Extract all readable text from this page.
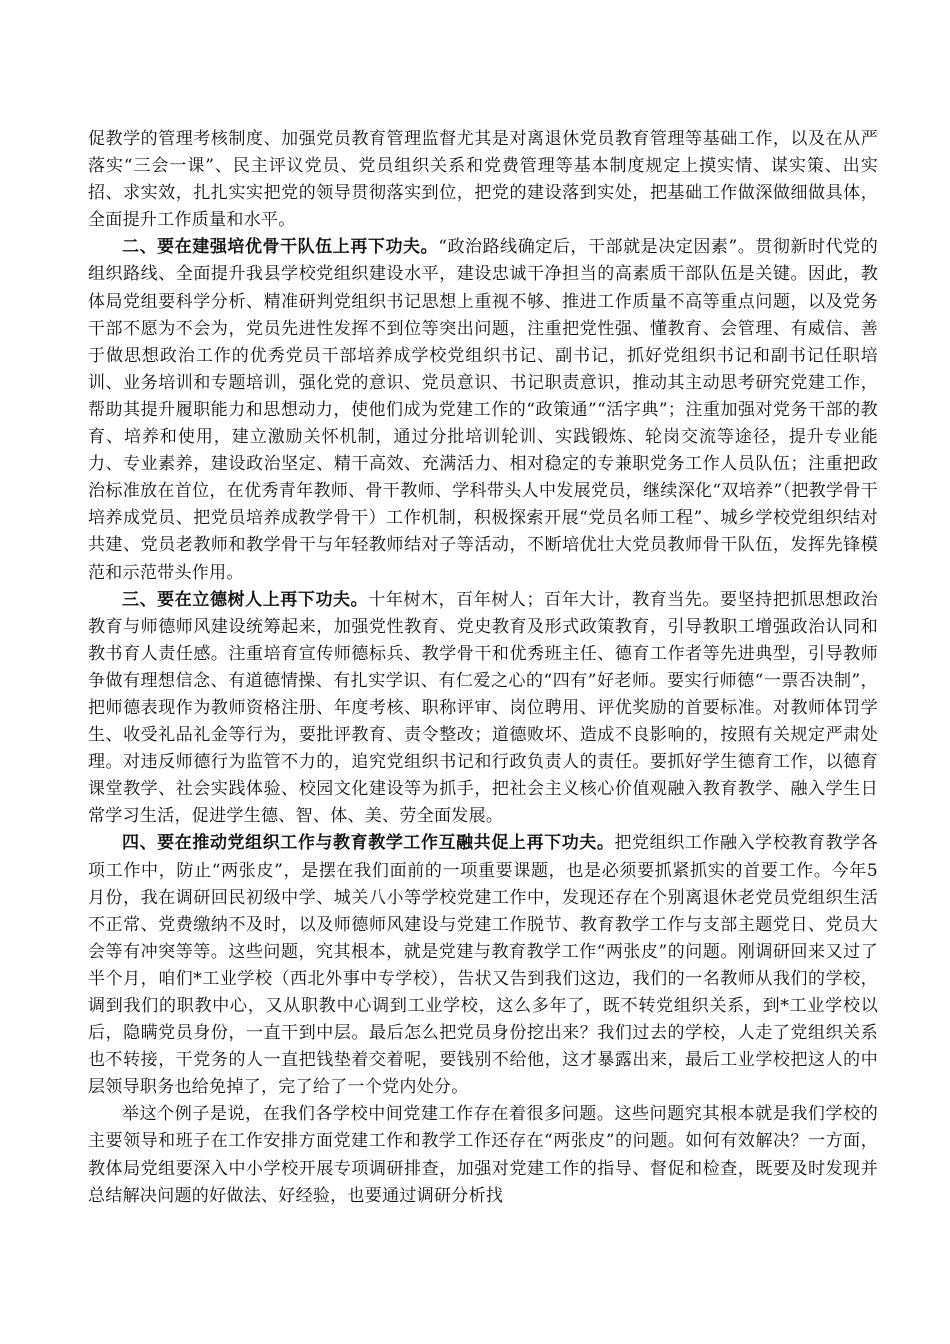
促教学的管理考核制度、加强党员教育管理监督尤其是对离退休党员教育管理等基础工作，以及在从严落实“三会一课”、民主评议党员、党员组织关系和党费管理等基本制度规定上摸实情、谋实策、出实招、求实效，扎扎实实把党的领导贯彻落实到位，把党的建设落到实处，把基础工作做深做细做具体，全面提升工作质量和水平。

二、要在建强培优骨干队伍上再下功夫。“政治路线确定后，干部就是决定因素”。贯彻新时代党的组织路线、全面提升我县学校党组织建设水平，建设忠诚干净担当的高素质干部队伍是关键。因此，教体局党组要科学分析、精准研判党组织书记思想上重视不够、推进工作质量不高等重点问题，以及党务干部不愿为不会为，党员先进性发挥不到位等突出问题，注重把党性强、懂教育、会管理、有威信、善于做思想政治工作的优秀党员干部培养成学校党组织书记、副书记，抓好党组织书记和副书记任职培训、业务培训和专题培训，强化党的意识、党员意识、书记职责意识，推动其主动思考研究党建工作，帮助其提升履职能力和思想动力，使他们成为党建工作的“政策通”“活字典”；注重加强对党务干部的教育、培养和使用，建立激励关怀机制，通过分批培训轮训、实践锻炼、轮岗交流等途径，提升专业能力、专业素养，建设政治坚定、精干高效、充满活力、相对稳定的专兼职党务工作人员队伍；注重把政治标准放在首位，在优秀青年教师、骨干教师、学科带头人中发展党员，继续深化“双培养”（把教学骨干培养成党员、把党员培养成教学骨干）工作机制，积极探索开展“党员名师工程”、城乡学校党组织结对共建、党员老教师和教学骨干与年轻教师结对子等活动，不断培优壮大党员教师骨干队伍，发挥先锋模范和示范带头作用。

三、要在立德树人上再下功夫。十年树木，百年树人；百年大计，教育当先。要坚持把抓思想政治教育与师德师风建设统筹起来，加强党性教育、党史教育及形式政策教育，引导教职工增强政治认同和教书育人责任感。注重培育宣传师德标兵、教学骨干和优秀班主任、德育工作者等先进典型，引导教师争做有理想信念、有道德情操、有扎实学识、有仁爱之心的“四有”好老师。要实行师德“一票否决制”，把师德表现作为教师资格注册、年度考核、职称评审、岗位聘用、评优奖励的首要标准。对教师体罚学生、收受礼品礼金等行为，要批评教育、责令整改；道德败坏、造成不良影响的，按照有关规定严肃处理。对违反师德行为监管不力的，追究党组织书记和行政负责人的责任。要抓好学生德育工作，以德育课堂教学、社会实践体验、校园文化建设等为抓手，把社会主义核心价值观融入教育教学、融入学生日常学习生活，促进学生德、智、体、美、劳全面发展。

四、要在推动党组织工作与教育教学工作互融共促上再下功夫。把党组织工作融入学校教育教学各项工作中，防止“两张皮”，是摆在我们面前的一项重要课题，也是必须要抓紧抓实的首要工作。今年5月份，我在调研回民初级中学、城关八小等学校党建工作中，发现还存在个别离退休老党员党组织生活不正常、党费缴纳不及时，以及师德师风建设与党建工作脱节、教育教学工作与支部主题党日、党员大会等有冲突等等。这些问题，究其根本，就是党建与教育教学工作“两张皮”的问题。刚调研回来又过了半个月，咱们*工业学校（西北外事中专学校），告状又告到我们这边，我们的一名教师从我们的学校，调到我们的职教中心，又从职教中心调到工业学校，这么多年了，既不转党组织关系，到*工业学校以后，隐瞒党员身份，一直干到中层。最后怎么把党员身份挖出来？我们过去的学校，人走了党组织关系也不转接，干党务的人一直把钱垫着交着呢，要钱别不给他，这才暴露出来，最后工业学校把这人的中层领导职务也给免掉了，完了给了一个党内处分。

举这个例子是说，在我们各学校中间党建工作存在着很多问题。这些问题究其根本就是我们学校的主要领导和班子在工作安排方面党建工作和教学工作还存在“两张皮”的问题。如何有效解决？一方面，教体局党组要深入中小学校开展专项调研排查，加强对党建工作的指导、督促和检查，既要及时发现并总结解决问题的好做法、好经验，也要通过调研分析找
